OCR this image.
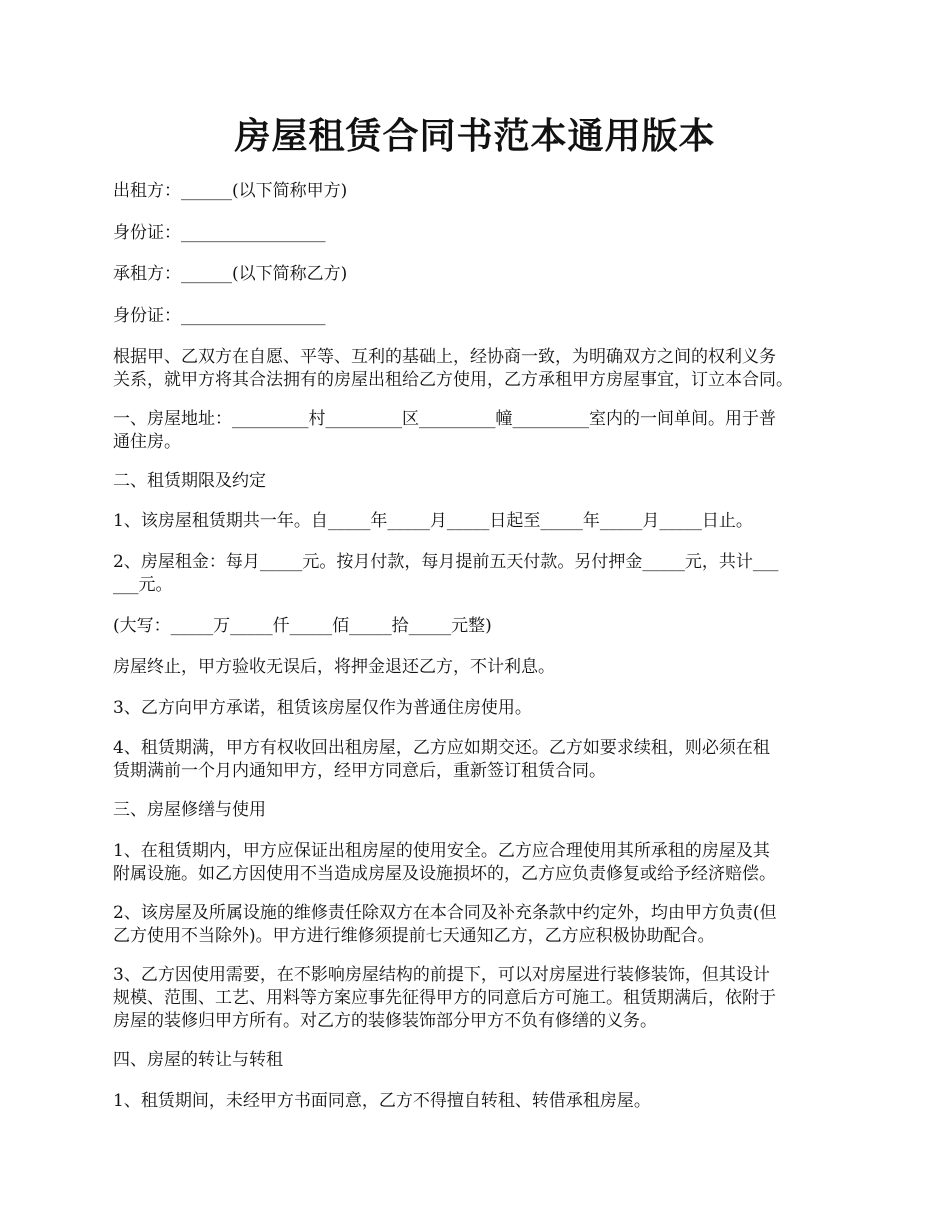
房屋租赁合同书范本通用版本
出租方：______(以下简称甲方)
身份证：_________________
承租方：______(以下简称乙方)
身份证：_________________
根据甲、乙双方在自愿、平等、互利的基础上，经协商一致，为明确双方之间的权利义务
关系，就甲方将其合法拥有的房屋出租给乙方使用，乙方承租甲方房屋事宜，订立本合同。
一、房屋地址：_________村_________区_________幢_________室内的一间单间。用于普
通住房。
二、租赁期限及约定
1、该房屋租赁期共一年。自_____年_____月_____日起至_____年_____月_____日止。
2、房屋租金：每月_____元。按月付款，每月提前五天付款。另付押金_____元，共计___
___元。
(大写：_____万_____仟_____佰_____拾_____元整)
房屋终止，甲方验收无误后，将押金退还乙方，不计利息。
3、乙方向甲方承诺，租赁该房屋仅作为普通住房使用。
4、租赁期满，甲方有权收回出租房屋，乙方应如期交还。乙方如要求续租，则必须在租
赁期满前一个月内通知甲方，经甲方同意后，重新签订租赁合同。
三、房屋修缮与使用
1、在租赁期内，甲方应保证出租房屋的使用安全。乙方应合理使用其所承租的房屋及其
附属设施。如乙方因使用不当造成房屋及设施损坏的，乙方应负责修复或给予经济赔偿。
2、该房屋及所属设施的维修责任除双方在本合同及补充条款中约定外，均由甲方负责(但
乙方使用不当除外)。甲方进行维修须提前七天通知乙方，乙方应积极协助配合。
3、乙方因使用需要，在不影响房屋结构的前提下，可以对房屋进行装修装饰，但其设计
规模、范围、工艺、用料等方案应事先征得甲方的同意后方可施工。租赁期满后，依附于
房屋的装修归甲方所有。对乙方的装修装饰部分甲方不负有修缮的义务。
四、房屋的转让与转租
1、租赁期间，未经甲方书面同意，乙方不得擅自转租、转借承租房屋。
